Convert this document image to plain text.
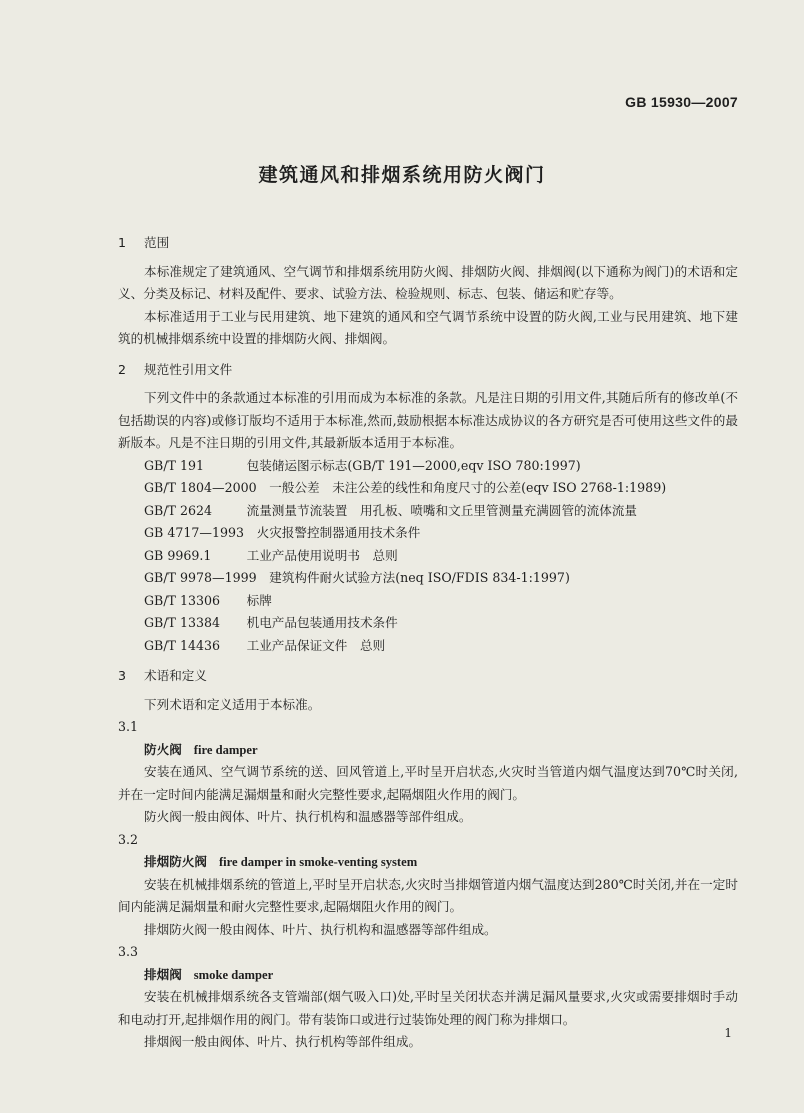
GB 15930—2007
建筑通风和排烟系统用防火阀门
1 范围

本标准规定了建筑通风、空气调节和排烟系统用防火阀、排烟防火阀、排烟阀(以下通称为阀门)的术语和定义、分类及标记、材料及配件、要求、试验方法、检验规则、标志、包装、储运和贮存等。

本标准适用于工业与民用建筑、地下建筑的通风和空气调节系统中设置的防火阀,工业与民用建筑、地下建筑的机械排烟系统中设置的排烟防火阀、排烟阀。

2 规范性引用文件

下列文件中的条款通过本标准的引用而成为本标准的条款。凡是注日期的引用文件,其随后所有的修改单(不包括勘误的内容)或修订版均不适用于本标准,然而,鼓励根据本标准达成协议的各方研究是否可使用这些文件的最新版本。凡是不注日期的引用文件,其最新版本适用于本标准。

GB/T 191　	包装储运图示标志(GB/T 191—2000,eqv ISO 780:1997)
GB/T 1804—2000　 一般公差　未注公差的线性和角度尺寸的公差(eqv ISO 2768-1:1989)
GB/T 2624　	流量测量节流装置　用孔板、喷嘴和文丘里管测量充满圆管的流体流量
GB 4717—1993　 火灾报警控制器通用技术条件
GB 9969.1　	工业产品使用说明书　总则
GB/T 9978—1999　 建筑构件耐火试验方法(neq ISO/FDIS 834-1:1997)
GB/T 13306　 标牌
GB/T 13384　 机电产品包装通用技术条件
GB/T 14436　 工业产品保证文件　总则
3 术语和定义

下列术语和定义适用于本标准。

3.1
防火阀 fire damper

安装在通风、空气调节系统的送、回风管道上,平时呈开启状态,火灾时当管道内烟气温度达到70℃时关闭,并在一定时间内能满足漏烟量和耐火完整性要求,起隔烟阻火作用的阀门。

防火阀一般由阀体、叶片、执行机构和温感器等部件组成。

3.2
排烟防火阀 fire damper in smoke-venting system

安装在机械排烟系统的管道上,平时呈开启状态,火灾时当排烟管道内烟气温度达到280℃时关闭,并在一定时间内能满足漏烟量和耐火完整性要求,起隔烟阻火作用的阀门。

排烟防火阀一般由阀体、叶片、执行机构和温感器等部件组成。

3.3
排烟阀 smoke damper

安装在机械排烟系统各支管端部(烟气吸入口)处,平时呈关闭状态并满足漏风量要求,火灾或需要排烟时手动和电动打开,起排烟作用的阀门。带有装饰口或进行过装饰处理的阀门称为排烟口。

排烟阀一般由阀体、叶片、执行机构等部件组成。

1
